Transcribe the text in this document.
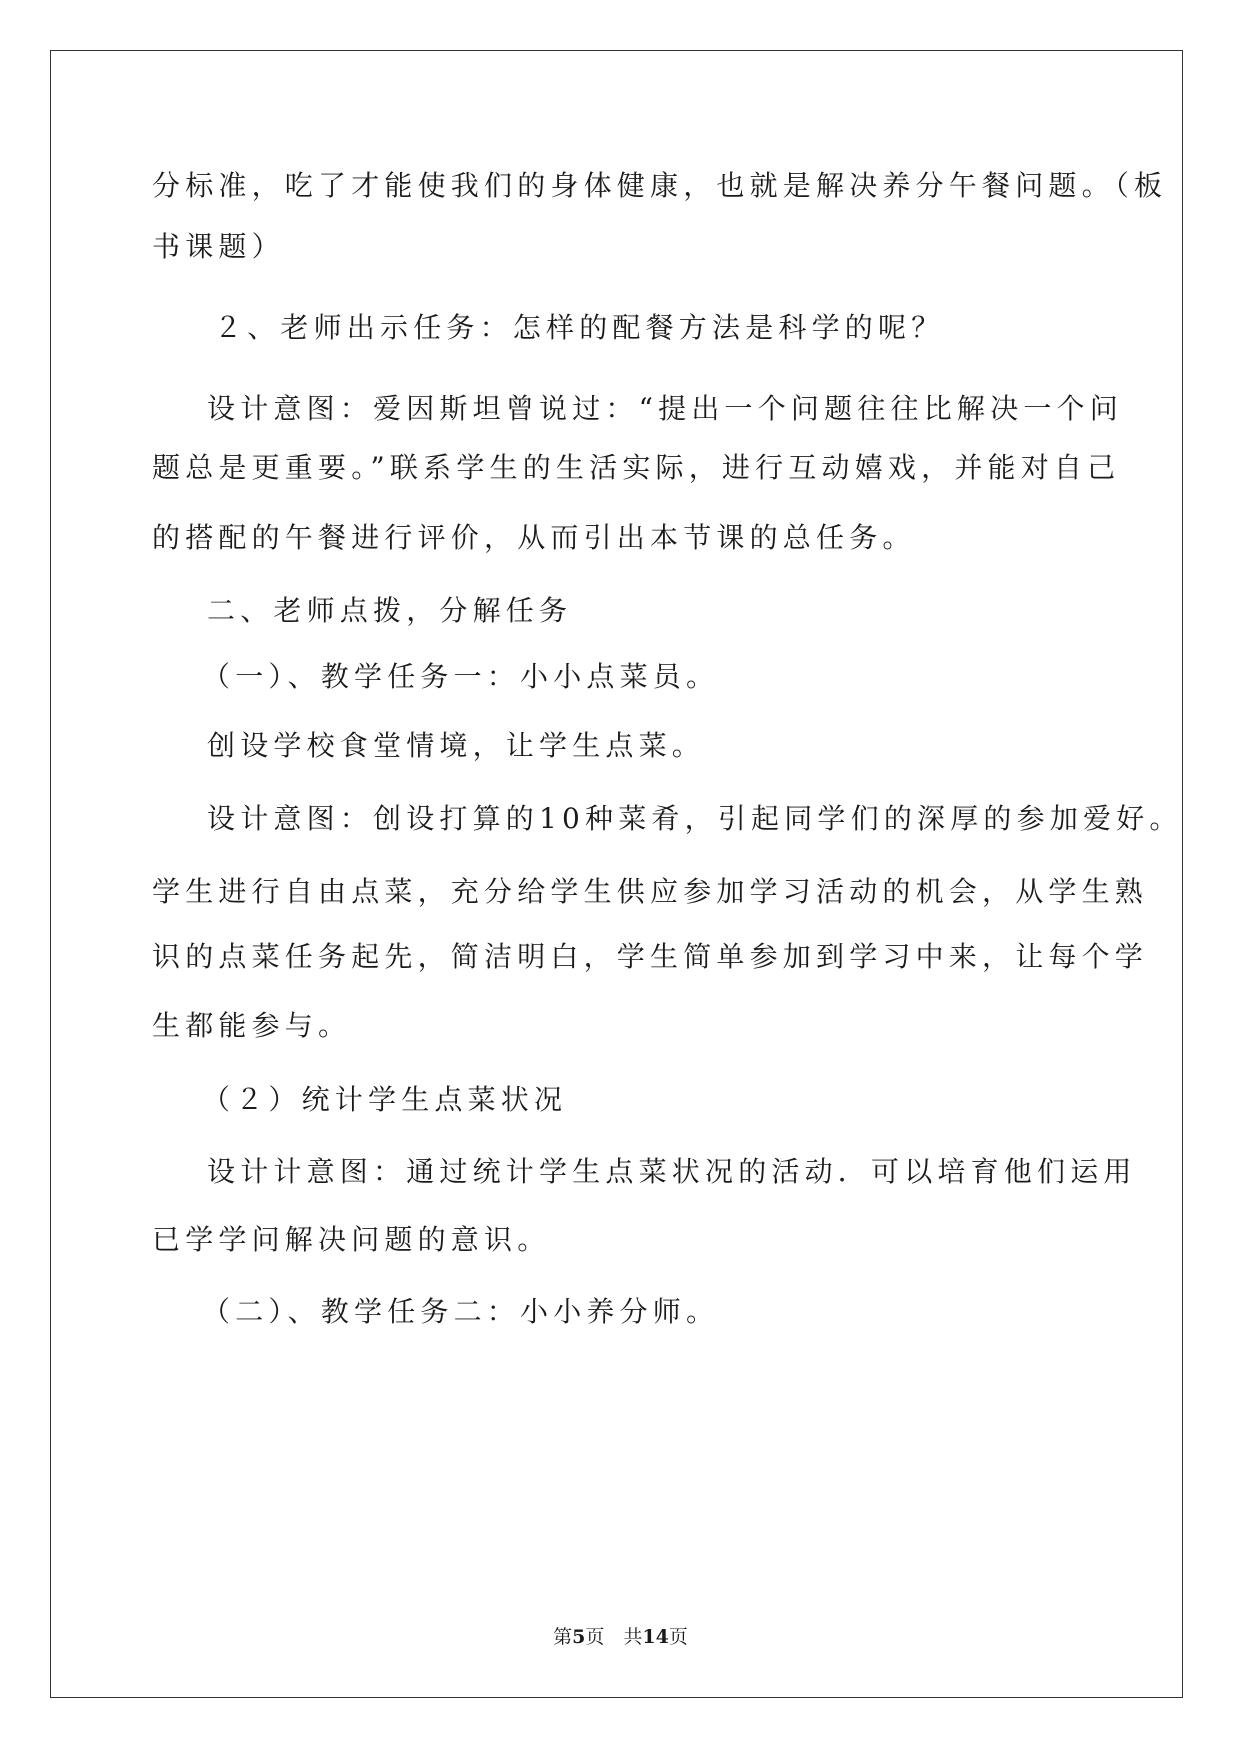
分标准，吃了才能使我们的身体健康，也就是解决养分午餐问题。（板
书课题）
２、老师出示任务：怎样的配餐方法是科学的呢？
设计意图：爱因斯坦曾说过：“提出一个问题往往比解决一个问
题总是更重要。”联系学生的生活实际，进行互动嬉戏，并能对自己
的搭配的午餐进行评价，从而引出本节课的总任务。
二、老师点拨，分解任务
（一）、教学任务一：小小点菜员。
创设学校食堂情境，让学生点菜。
设计意图：创设打算的10种菜肴，引起同学们的深厚的参加爱好。
学生进行自由点菜，充分给学生供应参加学习活动的机会，从学生熟
识的点菜任务起先，简洁明白，学生简单参加到学习中来，让每个学
生都能参与。
（２）统计学生点菜状况
设计计意图：通过统计学生点菜状况的活动．可以培育他们运用
已学学问解决问题的意识。
（二）、教学任务二：小小养分师。
第5页　共14页
